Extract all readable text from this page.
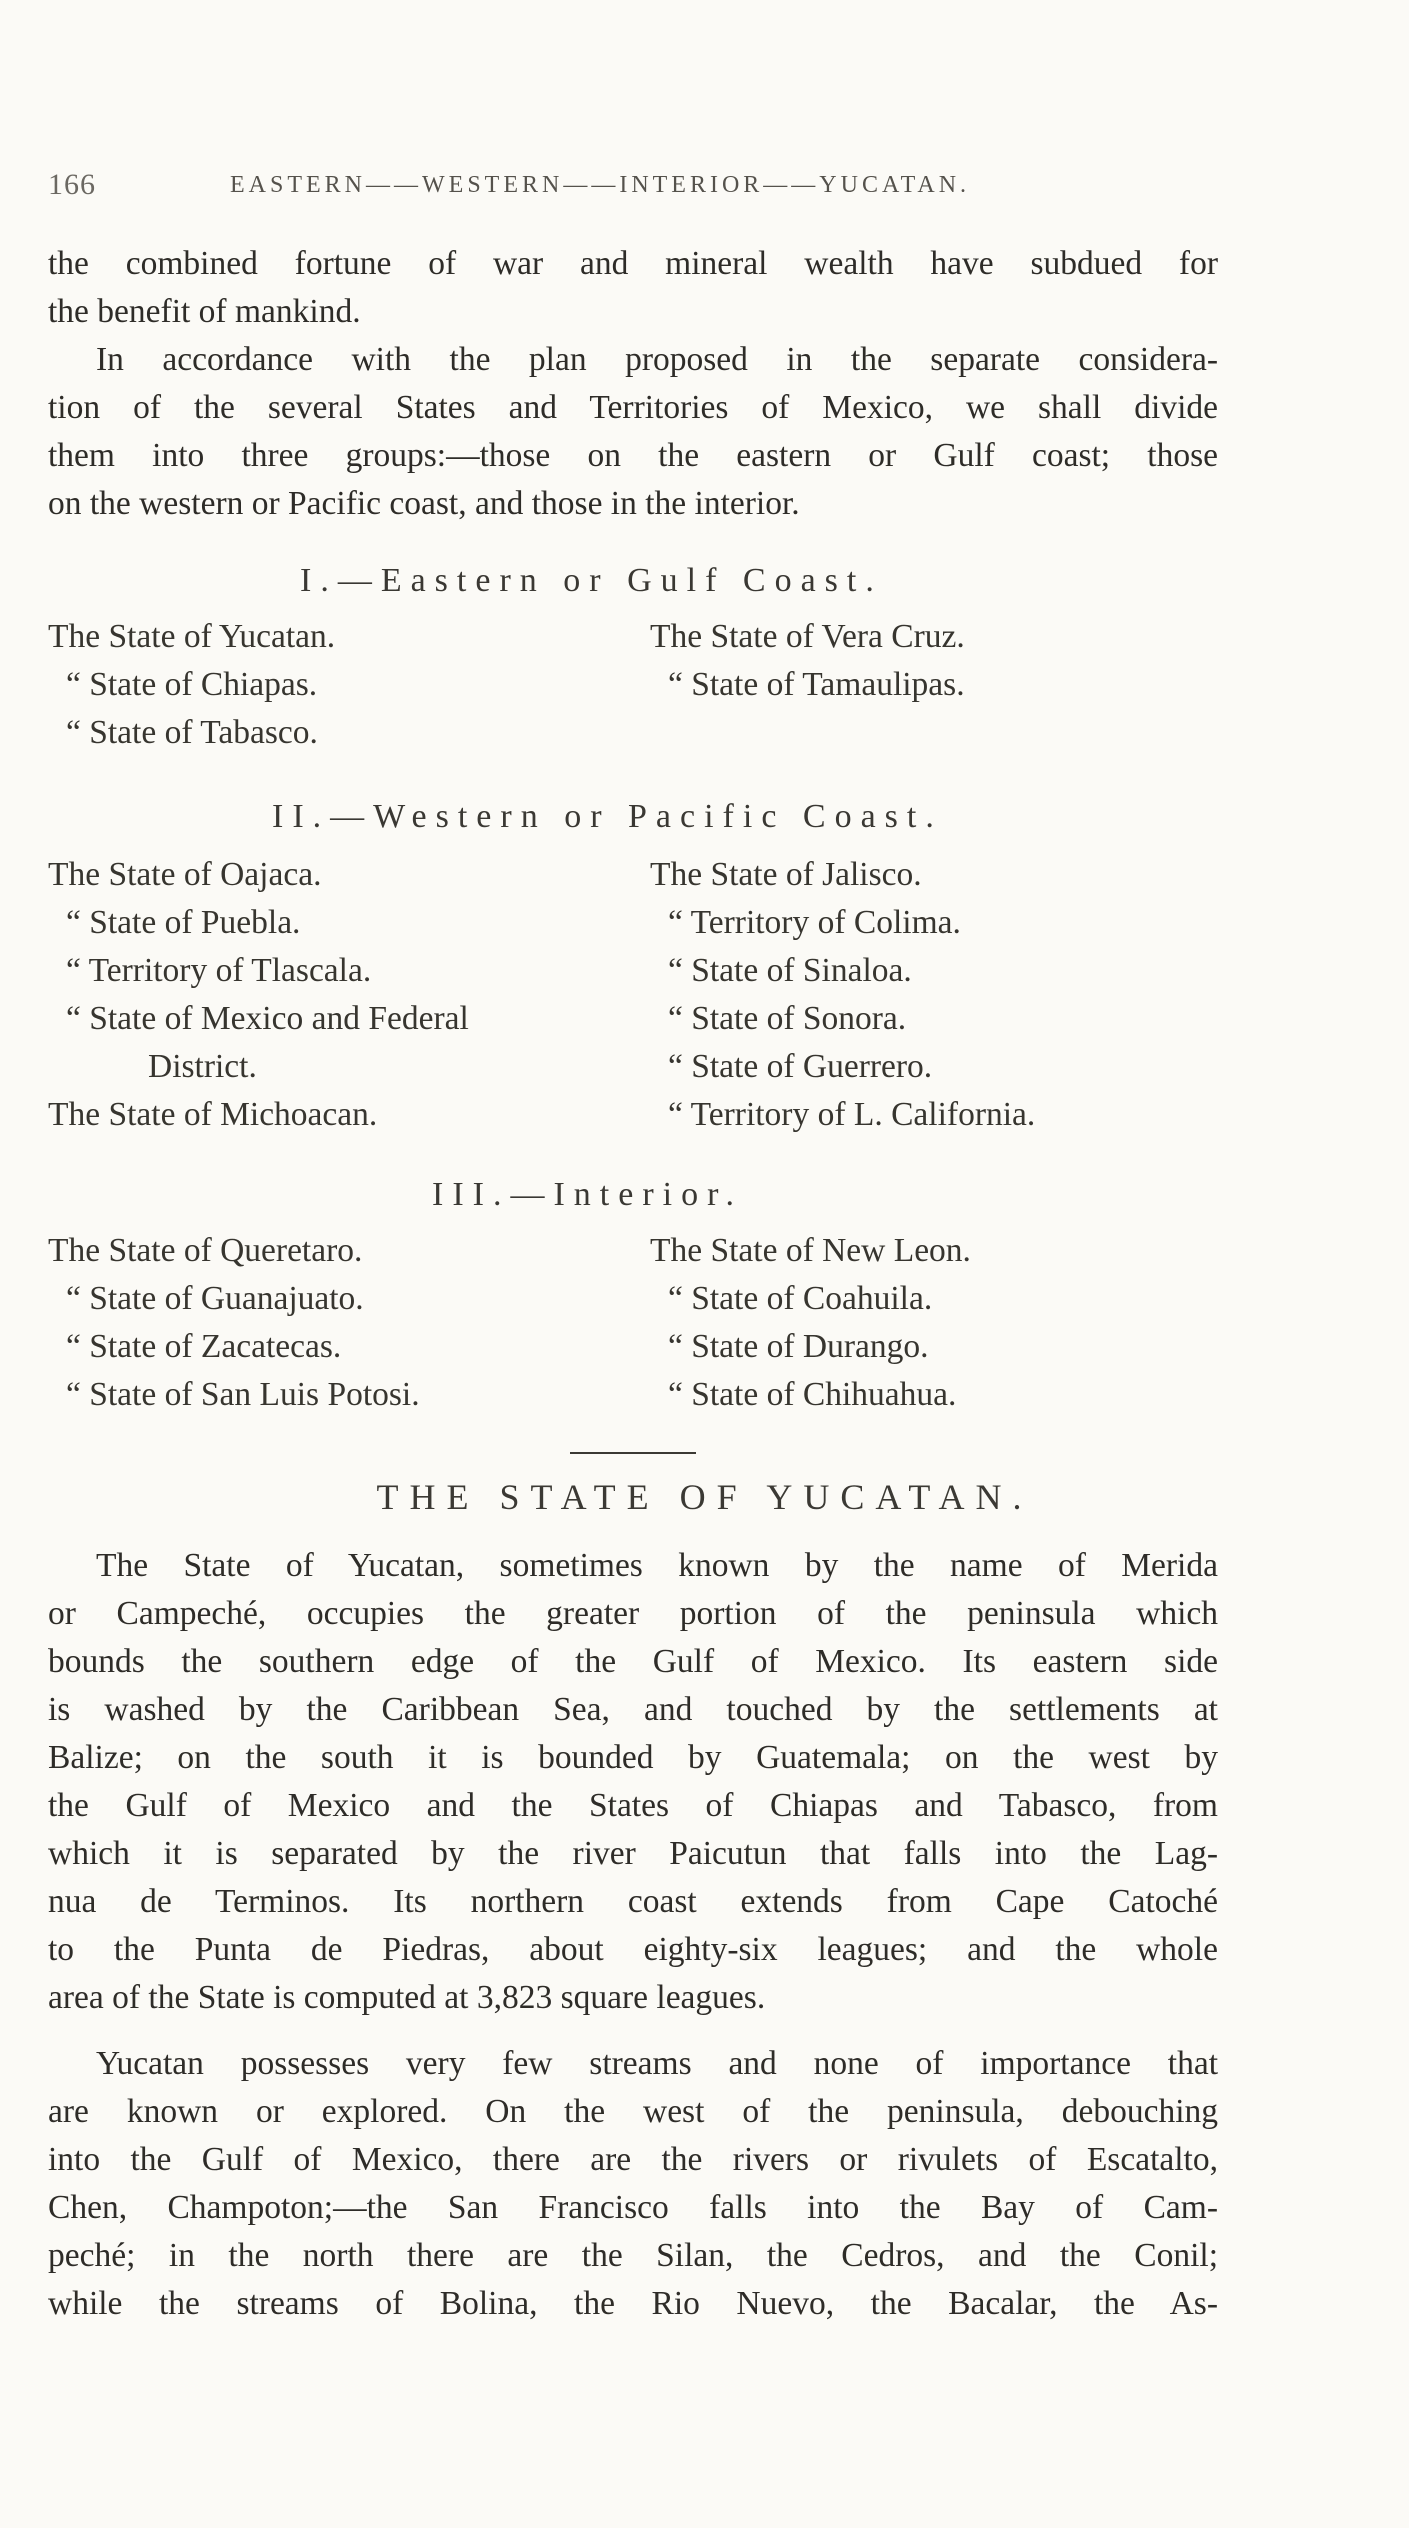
166	EASTERN——WESTERN——INTERIOR——YUCATAN.
the combined fortune of war and mineral wealth have subdued for
the benefit of mankind.
In accordance with the plan proposed in the separate considera-
tion of the several States and Territories of Mexico, we shall divide
them into three groups:—those on the eastern or Gulf coast; those
on the western or Pacific coast, and those in the interior.
I.—Eastern or Gulf Coast.
The State of Yucatan.
“ State of Chiapas.
“ State of Tabasco.
The State of Vera Cruz.
“ State of Tamaulipas.
II.—Western or Pacific Coast.
The State of Oajaca.
“ State of Puebla.
“ Territory of Tlascala.
“ State of Mexico and Federal
District.
The State of Michoacan.
The State of Jalisco.
“ Territory of Colima.
“ State of Sinaloa.
“ State of Sonora.
“ State of Guerrero.
“ Territory of L. California.
III.—Interior.
The State of Queretaro.
“ State of Guanajuato.
“ State of Zacatecas.
“ State of San Luis Potosi.
The State of New Leon.
“ State of Coahuila.
“ State of Durango.
“ State of Chihuahua.
THE STATE OF YUCATAN.
The State of Yucatan, sometimes known by the name of Merida
or Campeché, occupies the greater portion of the peninsula which
bounds the southern edge of the Gulf of Mexico. Its eastern side
is washed by the Caribbean Sea, and touched by the settlements at
Balize; on the south it is bounded by Guatemala; on the west by
the Gulf of Mexico and the States of Chiapas and Tabasco, from
which it is separated by the river Paicutun that falls into the Lag-
nua de Terminos. Its northern coast extends from Cape Catoché
to the Punta de Piedras, about eighty-six leagues; and the whole
area of the State is computed at 3,823 square leagues.
Yucatan possesses very few streams and none of importance that
are known or explored. On the west of the peninsula, debouching
into the Gulf of Mexico, there are the rivers or rivulets of Escatalto,
Chen, Champoton;—the San Francisco falls into the Bay of Cam-
peché; in the north there are the Silan, the Cedros, and the Conil;
while the streams of Bolina, the Rio Nuevo, the Bacalar, the As-
